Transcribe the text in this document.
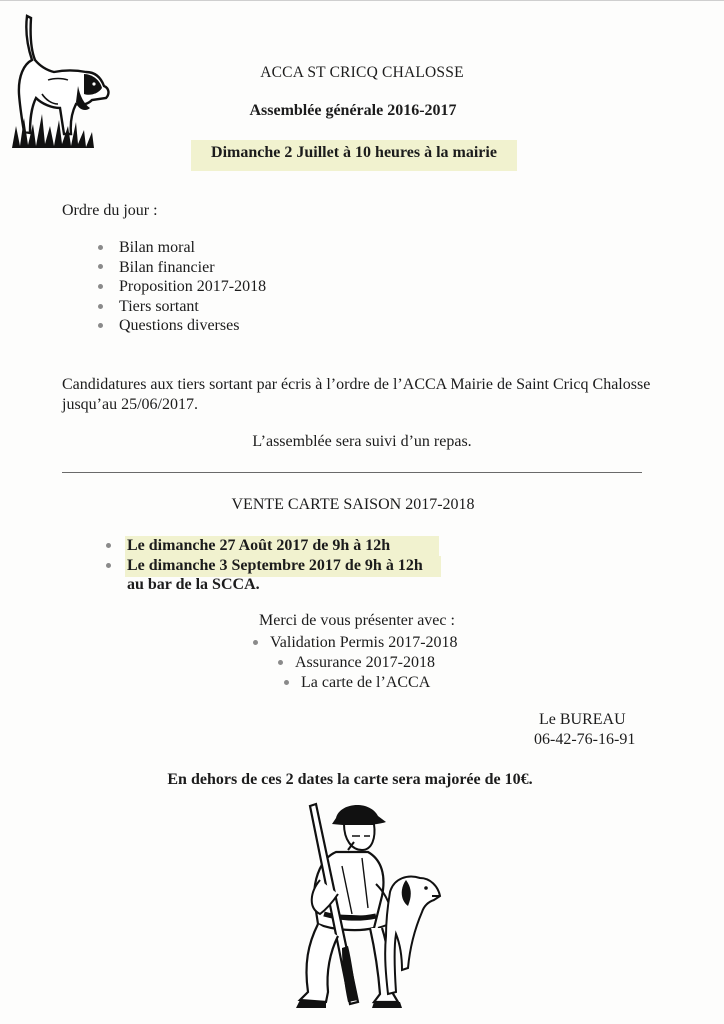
ACCA ST CRICQ CHALOSSE
Assemblée générale 2016-2017
Dimanche 2 Juillet à 10 heures à la mairie
Ordre du jour :
Bilan moral
Bilan financier
Proposition 2017-2018
Tiers sortant
Questions diverses
Candidatures aux tiers sortant par écris à l’ordre de l’ACCA Mairie de Saint Cricq Chalosse jusqu’au 25/06/2017.
L’assemblée sera suivi d’un repas.
VENTE CARTE SAISON 2017-2018
Le dimanche 27 Août 2017 de 9h à 12h
Le dimanche 3 Septembre 2017 de 9h à 12h
au bar de la SCCA.
Merci de vous présenter avec :
Validation Permis 2017-2018
Assurance 2017-2018
La carte de l’ACCA
Le BUREAU
06-42-76-16-91
En dehors de ces 2 dates la carte sera majorée de 10€.
